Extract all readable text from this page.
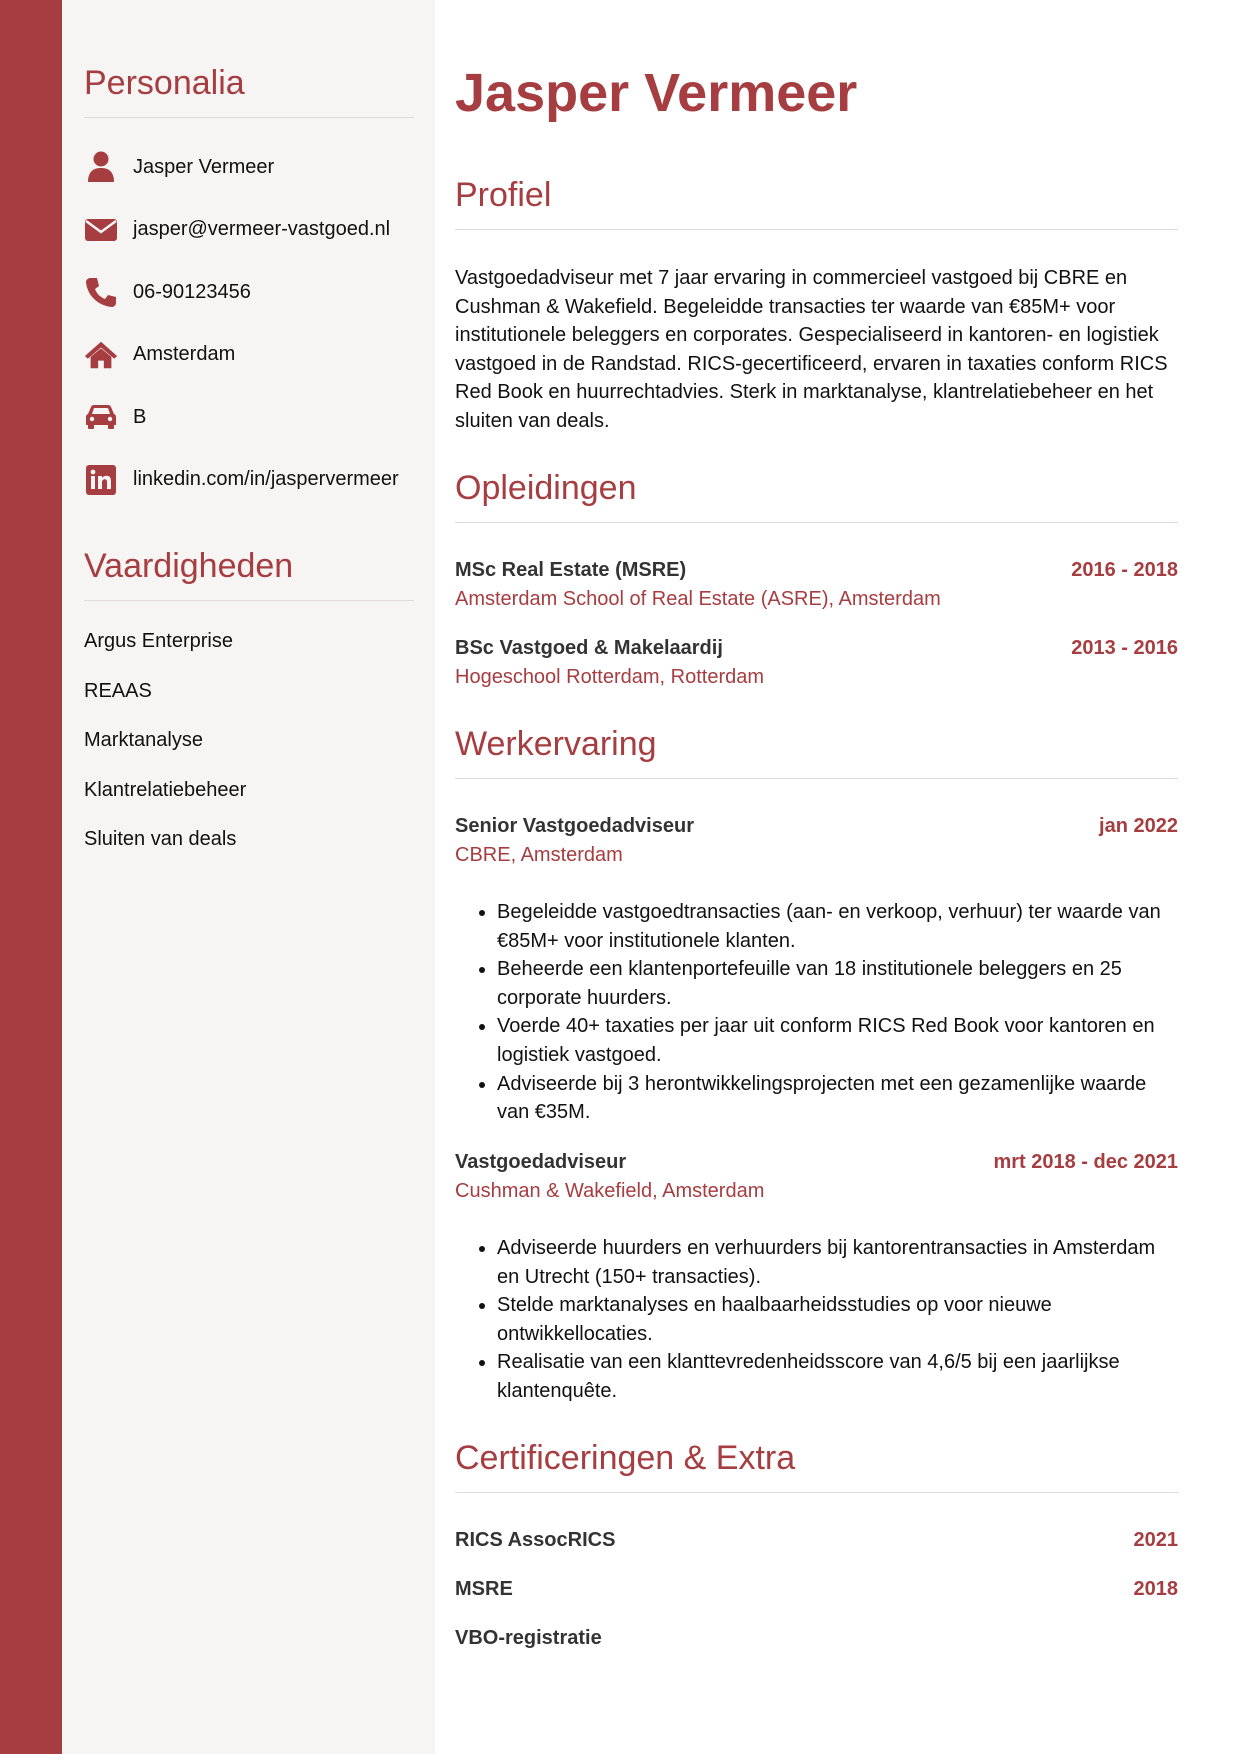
Personalia
Jasper Vermeer
jasper@vermeer-vastgoed.nl
06-90123456
Amsterdam
B
linkedin.com/in/jaspervermeer
Vaardigheden
Argus Enterprise
REAAS
Marktanalyse
Klantrelatiebeheer
Sluiten van deals
Jasper Vermeer
Profiel

Vastgoedadviseur met 7 jaar ervaring in commercieel vastgoed bij CBRE en Cushman & Wakefield. Begeleidde transacties ter waarde van €85M+ voor institutionele beleggers en corporates. Gespecialiseerd in kantoren- en logistiek vastgoed in de Randstad. RICS-gecertificeerd, ervaren in taxaties conform RICS Red Book en huurrechtadvies. Sterk in marktanalyse, klantrelatiebeheer en het sluiten van deals.

Opleidingen
MSc Real Estate (MSRE)	2016 - 2018
Amsterdam School of Real Estate (ASRE), Amsterdam
BSc Vastgoed & Makelaardij	2013 - 2016
Hogeschool Rotterdam, Rotterdam
Werkervaring
Senior Vastgoedadviseur	jan 2022
CBRE, Amsterdam
• Begeleidde vastgoedtransacties (aan- en verkoop, verhuur) ter waarde van €85M+ voor institutionele klanten.
• Beheerde een klantenportefeuille van 18 institutionele beleggers en 25 corporate huurders.
• Voerde 40+ taxaties per jaar uit conform RICS Red Book voor kantoren en logistiek vastgoed.
• Adviseerde bij 3 herontwikkelingsprojecten met een gezamenlijke waarde van €35M.
Vastgoedadviseur	mrt 2018 - dec 2021
Cushman & Wakefield, Amsterdam
• Adviseerde huurders en verhuurders bij kantorentransacties in Amsterdam en Utrecht (150+ transacties).
• Stelde marktanalyses en haalbaarheidsstudies op voor nieuwe ontwikkellocaties.
• Realisatie van een klanttevredenheidsscore van 4,6/5 bij een jaarlijkse klantenquête.
Certificeringen & Extra
RICS AssocRICS	2021
MSRE	2018
VBO-registratie
